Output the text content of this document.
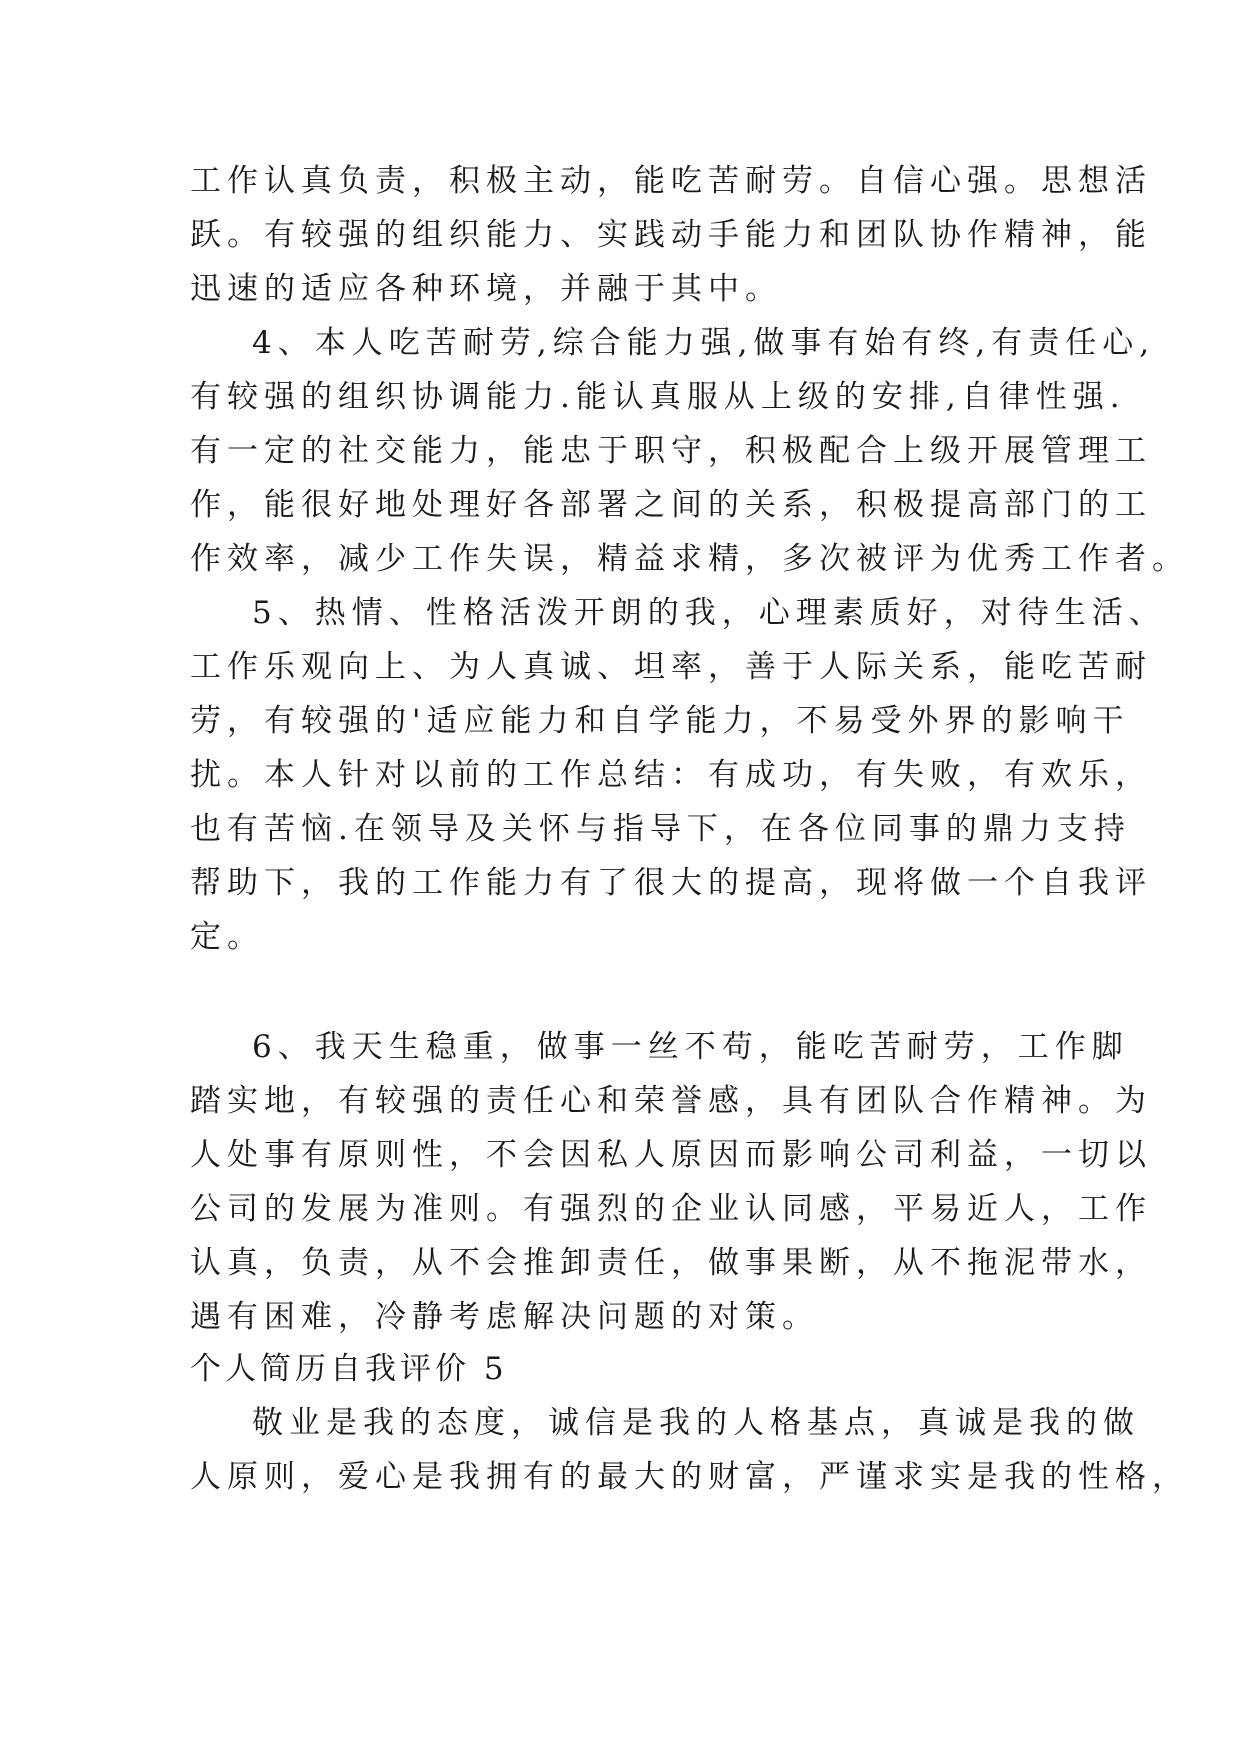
工作认真负责，积极主动，能吃苦耐劳。自信心强。思想活
跃。有较强的组织能力、实践动手能力和团队协作精神，能
迅速的适应各种环境，并融于其中。
4、本人吃苦耐劳,综合能力强,做事有始有终,有责任心,
有较强的组织协调能力.能认真服从上级的安排,自律性强.
有一定的社交能力，能忠于职守，积极配合上级开展管理工
作，能很好地处理好各部署之间的关系，积极提高部门的工
作效率，减少工作失误，精益求精，多次被评为优秀工作者。
5、热情、性格活泼开朗的我，心理素质好，对待生活、
工作乐观向上、为人真诚、坦率，善于人际关系，能吃苦耐
劳，有较强的'适应能力和自学能力，不易受外界的影响干
扰。本人针对以前的工作总结：有成功，有失败，有欢乐，
也有苦恼.在领导及关怀与指导下，在各位同事的鼎力支持
帮助下，我的工作能力有了很大的提高，现将做一个自我评
定。
6、我天生稳重，做事一丝不苟，能吃苦耐劳，工作脚
踏实地，有较强的责任心和荣誉感，具有团队合作精神。为
人处事有原则性，不会因私人原因而影响公司利益，一切以
公司的发展为准则。有强烈的企业认同感，平易近人，工作
认真，负责，从不会推卸责任，做事果断，从不拖泥带水，
遇有困难，冷静考虑解决问题的对策。
个人简历自我评价 5
敬业是我的态度，诚信是我的人格基点，真诚是我的做
人原则，爱心是我拥有的最大的财富，严谨求实是我的性格，
